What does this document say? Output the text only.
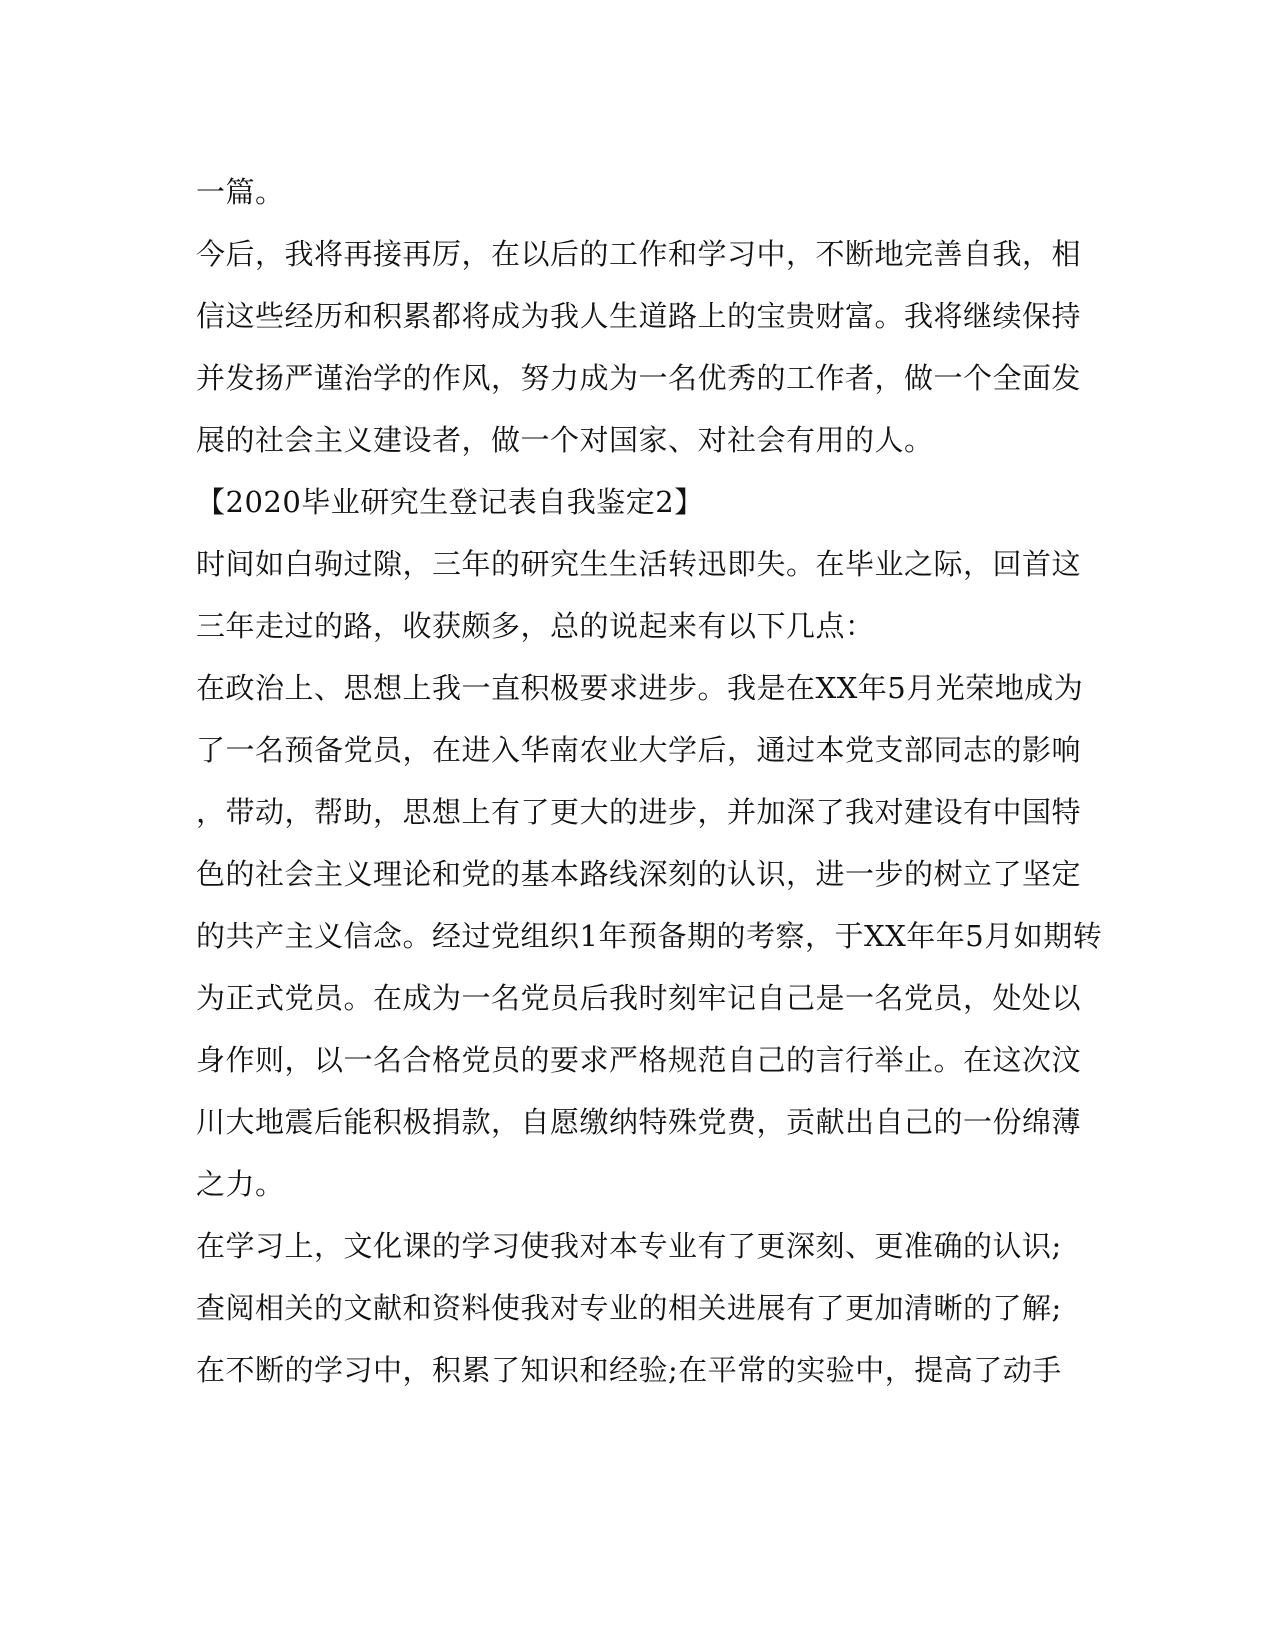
一篇。
今后，我将再接再厉，在以后的工作和学习中，不断地完善自我，相
信这些经历和积累都将成为我人生道路上的宝贵财富。我将继续保持
并发扬严谨治学的作风，努力成为一名优秀的工作者，做一个全面发
展的社会主义建设者，做一个对国家、对社会有用的人。
【2020毕业研究生登记表自我鉴定2】
时间如白驹过隙，三年的研究生生活转迅即失。在毕业之际，回首这
三年走过的路，收获颇多，总的说起来有以下几点：
在政治上、思想上我一直积极要求进步。我是在XX年5月光荣地成为
了一名预备党员，在进入华南农业大学后，通过本党支部同志的影响
，带动，帮助，思想上有了更大的进步，并加深了我对建设有中国特
色的社会主义理论和党的基本路线深刻的认识，进一步的树立了坚定
的共产主义信念。经过党组织1年预备期的考察，于XX年年5月如期转
为正式党员。在成为一名党员后我时刻牢记自己是一名党员，处处以
身作则，以一名合格党员的要求严格规范自己的言行举止。在这次汶
川大地震后能积极捐款，自愿缴纳特殊党费，贡献出自己的一份绵薄
之力。
在学习上，文化课的学习使我对本专业有了更深刻、更准确的认识;
查阅相关的文献和资料使我对专业的相关进展有了更加清晰的了解;
在不断的学习中，积累了知识和经验;在平常的实验中，提高了动手
